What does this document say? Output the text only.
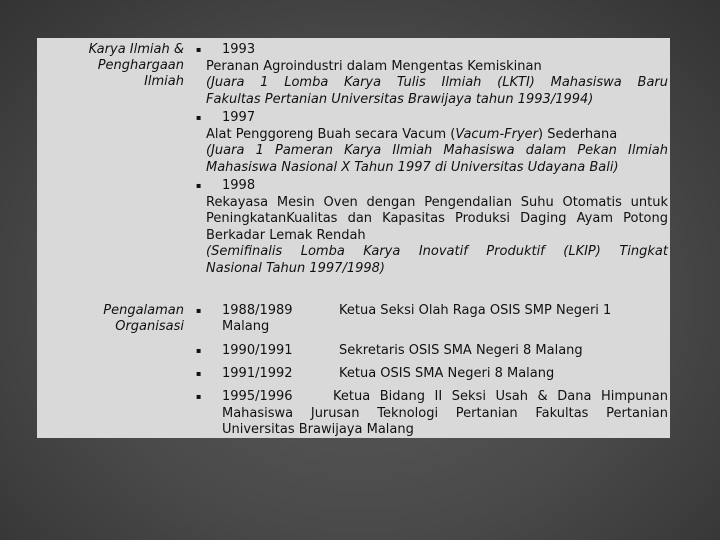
Karya Ilmiah &
Penghargaan
Ilmiah
▪ 1993
Peranan Agroindustri dalam Mengentas Kemiskinan
(Juara 1 Lomba Karya Tulis Ilmiah (LKTI) Mahasiswa Baru
Fakultas Pertanian Universitas Brawijaya tahun 1993/1994)
▪ 1997
Alat Penggoreng Buah secara Vacum (Vacum-Fryer) Sederhana
(Juara 1 Pameran Karya Ilmiah Mahasiswa dalam Pekan Ilmiah
Mahasiswa Nasional X Tahun 1997 di Universitas Udayana Bali)
▪ 1998
Rekayasa Mesin Oven dengan Pengendalian Suhu Otomatis untuk
PeningkatanKualitas dan Kapasitas Produksi Daging Ayam Potong
Berkadar Lemak Rendah
(Semifinalis Lomba Karya Inovatif Produktif (LKIP) Tingkat
Nasional Tahun 1997/1998)
Pengalaman
Organisasi
▪ 1988/1989	Ketua Seksi Olah Raga OSIS SMP Negeri 1
Malang
▪ 1990/1991	Sekretaris OSIS SMA Negeri 8 Malang
▪ 1991/1992	Ketua OSIS SMA Negeri 8 Malang
▪ 1995/1996	Ketua Bidang II Seksi Usah & Dana Himpunan
Mahasiswa Jurusan Teknologi Pertanian Fakultas Pertanian
Universitas Brawijaya Malang
